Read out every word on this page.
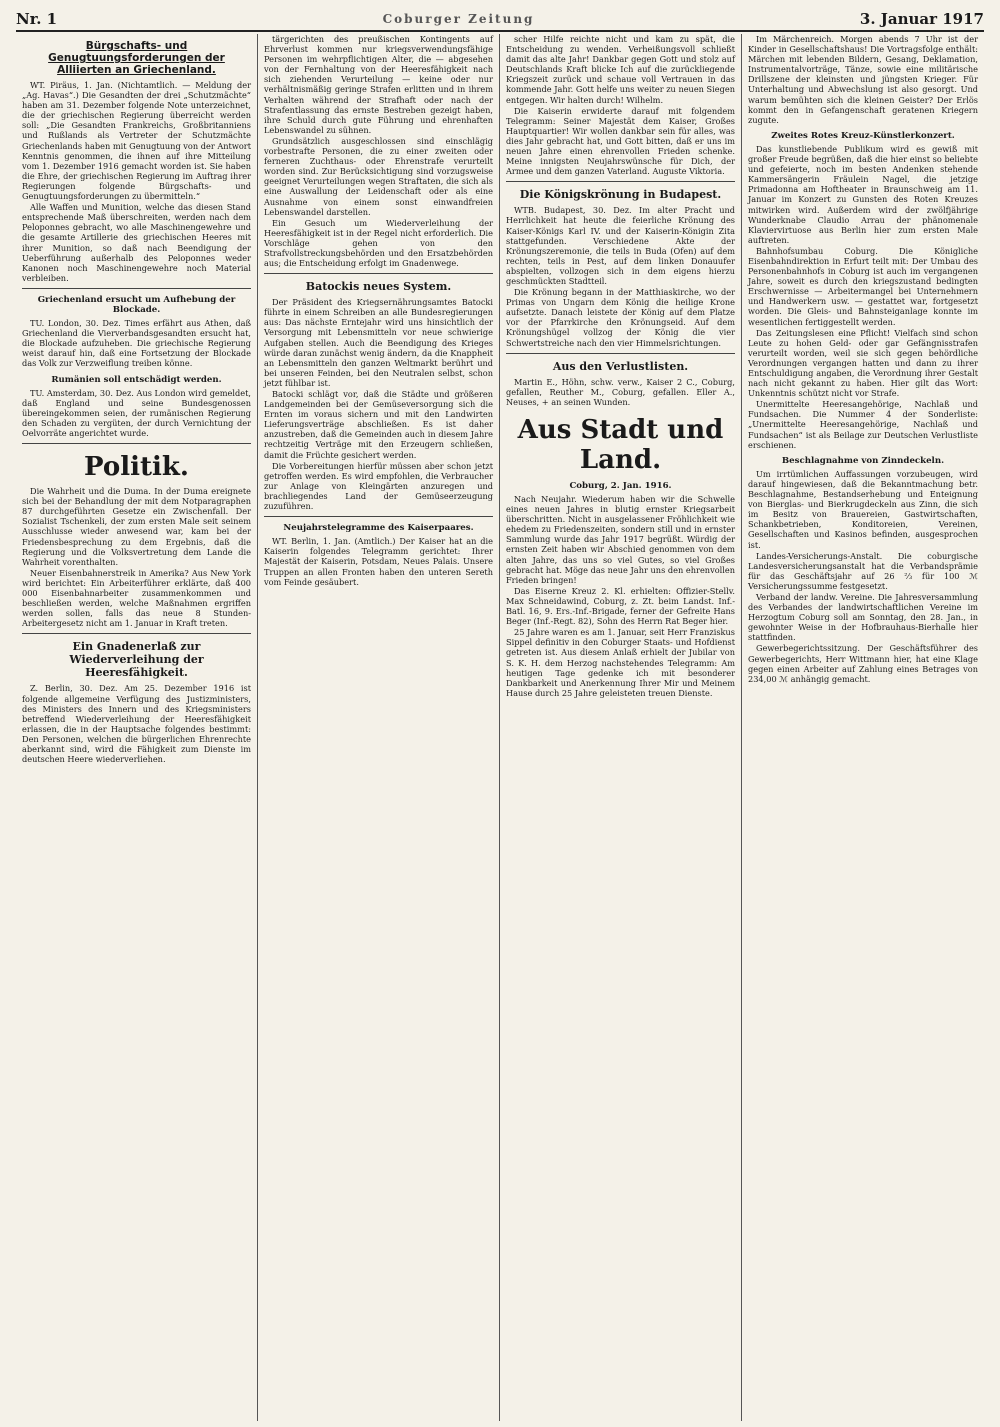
Nr. 1	Coburger Zeitung	3. Januar 1917
Bürgschafts- und Genugtuungsforderungen der Alliierten an Griechenland.

WT. Piräus, 1. Jan. (Nichtamtlich. — Meldung der „Ag. Havas“.) Die Gesandten der drei „Schutzmächte“ haben am 31. Dezember folgende Note unterzeichnet, die der griechischen Regierung überreicht werden soll: „Die Gesandten Frankreichs, Großbritanniens und Rußlands als Vertreter der Schutzmächte Griechenlands haben mit Genugtuung von der Antwort Kenntnis genommen, die ihnen auf ihre Mitteilung vom 1. Dezember 1916 gemacht worden ist. Sie haben die Ehre, der griechischen Regierung im Auftrag ihrer Regierungen folgende Bürgschafts- und Genugtuungsforderungen zu übermitteln.“

Alle Waffen und Munition, welche das diesen Stand entsprechende Maß überschreiten, werden nach dem Peloponnes gebracht, wo alle Maschinengewehre und die gesamte Artillerie des griechischen Heeres mit ihrer Munition, so daß nach Beendigung der Ueberführung außerhalb des Peloponnes weder Kanonen noch Maschinengewehre noch Material verbleiben.

Griechenland ersucht um Aufhebung der Blockade.

TU. London, 30. Dez. Times erfährt aus Athen, daß Griechenland die Vierverbandsgesandten ersucht hat, die Blockade aufzuheben. Die griechische Regierung weist darauf hin, daß eine Fortsetzung der Blockade das Volk zur Verzweiflung treiben könne.

Rumänien soll entschädigt werden.

TU. Amsterdam, 30. Dez. Aus London wird gemeldet, daß England und seine Bundesgenossen übereingekommen seien, der rumänischen Regierung den Schaden zu vergüten, der durch Vernichtung der Oelvorräte angerichtet wurde.

Politik.

Die Wahrheit und die Duma. In der Duma ereignete sich bei der Behandlung der mit dem Notparagraphen 87 durchgeführten Gesetze ein Zwischenfall. Der Sozialist Tschenkeli, der zum ersten Male seit seinem Ausschlusse wieder anwesend war, kam bei der Friedensbesprechung zu dem Ergebnis, daß die Regierung und die Volksvertretung dem Lande die Wahrheit vorenthalten.

Neuer Eisenbahnerstreik in Amerika? Aus New York wird berichtet: Ein Arbeiterführer erklärte, daß 400 000 Eisenbahnarbeiter zusammenkommen und beschließen werden, welche Maßnahmen ergriffen werden sollen, falls das neue 8 Stunden-Arbeitergesetz nicht am 1. Januar in Kraft treten.

Ein Gnadenerlaß zur Wiederverleihung der Heeresfähigkeit.

Z. Berlin, 30. Dez. Am 25. Dezember 1916 ist folgende allgemeine Verfügung des Justizministers, des Ministers des Innern und des Kriegsministers betreffend Wiederverleihung der Heeresfähigkeit erlassen, die in der Hauptsache folgendes bestimmt: Den Personen, welchen die bürgerlichen Ehrenrechte aberkannt sind, wird die Fähigkeit zum Dienste im deutschen Heere wiederverliehen.

tärgerichten des preußischen Kontingents auf Ehrverlust kommen nur kriegsverwendungsfähige Personen im wehrpflichtigen Alter, die — abgesehen von der Fernhaltung von der Heeresfähigkeit nach sich ziehenden Verurteilung — keine oder nur verhältnismäßig geringe Strafen erlitten und in ihrem Verhalten während der Strafhaft oder nach der Strafentlassung das ernste Bestreben gezeigt haben, ihre Schuld durch gute Führung und ehrenhaften Lebenswandel zu sühnen.

Grundsätzlich ausgeschlossen sind einschlägig vorbestrafte Personen, die zu einer zweiten oder ferneren Zuchthaus- oder Ehrenstrafe verurteilt worden sind. Zur Berücksichtigung sind vorzugsweise geeignet Verurteilungen wegen Straftaten, die sich als eine Auswallung der Leidenschaft oder als eine Ausnahme von einem sonst einwandfreien Lebenswandel darstellen.

Ein Gesuch um Wiederverleihung der Heeresfähigkeit ist in der Regel nicht erforderlich. Die Vorschläge gehen von den Strafvollstreckungsbehörden und den Ersatzbehörden aus; die Entscheidung erfolgt im Gnadenwege.

Batockis neues System.

Der Präsident des Kriegsernährungsamtes Batocki führte in einem Schreiben an alle Bundesregierungen aus: Das nächste Erntejahr wird uns hinsichtlich der Versorgung mit Lebensmitteln vor neue schwierige Aufgaben stellen. Auch die Beendigung des Krieges würde daran zunächst wenig ändern, da die Knappheit an Lebensmitteln den ganzen Weltmarkt berührt und bei unseren Feinden, bei den Neutralen selbst, schon jetzt fühlbar ist.

Batocki schlägt vor, daß die Städte und größeren Landgemeinden bei der Gemüseversorgung sich die Ernten im voraus sichern und mit den Landwirten Lieferungsverträge abschließen. Es ist daher anzustreben, daß die Gemeinden auch in diesem Jahre rechtzeitig Verträge mit den Erzeugern schließen, damit die Früchte gesichert werden.

Die Vorbereitungen hierfür müssen aber schon jetzt getroffen werden. Es wird empfohlen, die Verbraucher zur Anlage von Kleingärten anzuregen und brachliegendes Land der Gemüseerzeugung zuzuführen.

Neujahrstelegramme des Kaiserpaares.

WT. Berlin, 1. Jan. (Amtlich.) Der Kaiser hat an die Kaiserin folgendes Telegramm gerichtet: Ihrer Majestät der Kaiserin, Potsdam, Neues Palais. Unsere Truppen an allen Fronten haben den unteren Sereth vom Feinde gesäubert.

scher Hilfe reichte nicht und kam zu spät, die Entscheidung zu wenden. Verheißungsvoll schließt damit das alte Jahr! Dankbar gegen Gott und stolz auf Deutschlands Kraft blicke Ich auf die zurückliegende Kriegszeit zurück und schaue voll Vertrauen in das kommende Jahr. Gott helfe uns weiter zu neuen Siegen entgegen. Wir halten durch! Wilhelm.

Die Kaiserin erwiderte darauf mit folgendem Telegramm: Seiner Majestät dem Kaiser, Großes Hauptquartier! Wir wollen dankbar sein für alles, was dies Jahr gebracht hat, und Gott bitten, daß er uns im neuen Jahre einen ehrenvollen Frieden schenke. Meine innigsten Neujahrswünsche für Dich, der Armee und dem ganzen Vaterland. Auguste Viktoria.

Die Königskrönung in Budapest.

WTB. Budapest, 30. Dez. Im alter Pracht und Herrlichkeit hat heute die feierliche Krönung des Kaiser-Königs Karl IV. und der Kaiserin-Königin Zita stattgefunden. Verschiedene Akte der Krönungszeremonie, die teils in Buda (Ofen) auf dem rechten, teils in Pest, auf dem linken Donauufer abspielten, vollzogen sich in dem eigens hierzu geschmückten Stadtteil.

Die Krönung begann in der Matthiaskirche, wo der Primas von Ungarn dem König die heilige Krone aufsetzte. Danach leistete der König auf dem Platze vor der Pfarrkirche den Krönungseid. Auf dem Krönungshügel vollzog der König die vier Schwertstreiche nach den vier Himmelsrichtungen.

Aus den Verlustlisten.

Martin E., Höhn, schw. verw., Kaiser 2 C., Coburg, gefallen, Reuther M., Coburg, gefallen. Eller A., Neuses, + an seinen Wunden.

Aus Stadt und Land.
Coburg, 2. Jan. 1916.

Nach Neujahr. Wiederum haben wir die Schwelle eines neuen Jahres in blutig ernster Kriegsarbeit überschritten. Nicht in ausgelassener Fröhlichkeit wie ehedem zu Friedenszeiten, sondern still und in ernster Sammlung wurde das Jahr 1917 begrüßt. Würdig der ernsten Zeit haben wir Abschied genommen von dem alten Jahre, das uns so viel Gutes, so viel Großes gebracht hat. Möge das neue Jahr uns den ehrenvollen Frieden bringen!

Das Eiserne Kreuz 2. Kl. erhielten: Offizier-Stellv. Max Schneidawind, Coburg, z. Zt. beim Landst. Inf.-Batl. 16, 9. Ers.-Inf.-Brigade, ferner der Gefreite Hans Beger (Inf.-Regt. 82), Sohn des Herrn Rat Beger hier.

25 Jahre waren es am 1. Januar, seit Herr Franziskus Sippel definitiv in den Coburger Staats- und Hofdienst getreten ist. Aus diesem Anlaß erhielt der Jubilar von S. K. H. dem Herzog nachstehendes Telegramm: Am heutigen Tage gedenke ich mit besonderer Dankbarkeit und Anerkennung Ihrer Mir und Meinem Hause durch 25 Jahre geleisteten treuen Dienste.

Im Märchenreich. Morgen abends 7 Uhr ist der Kinder in Gesellschaftshaus! Die Vortragsfolge enthält: Märchen mit lebenden Bildern, Gesang, Deklamation, Instrumentalvorträge, Tänze, sowie eine militärische Drillszene der kleinsten und jüngsten Krieger. Für Unterhaltung und Abwechslung ist also gesorgt. Und warum bemühten sich die kleinen Geister? Der Erlös kommt den in Gefangenschaft geratenen Kriegern zugute.

Zweites Rotes Kreuz-Künstlerkonzert.

Das kunstliebende Publikum wird es gewiß mit großer Freude begrüßen, daß die hier einst so beliebte und gefeierte, noch im besten Andenken stehende Kammersängerin Fräulein Nagel, die jetzige Primadonna am Hoftheater in Braunschweig am 11. Januar im Konzert zu Gunsten des Roten Kreuzes mitwirken wird. Außerdem wird der zwölfjährige Wunderknabe Claudio Arrau der phänomenale Klaviervirtuose aus Berlin hier zum ersten Male auftreten.

Bahnhofsumbau Coburg. Die Königliche Eisenbahndirektion in Erfurt teilt mit: Der Umbau des Personenbahnhofs in Coburg ist auch im vergangenen Jahre, soweit es durch den kriegszustand bedingten Erschwernisse — Arbeitermangel bei Unternehmern und Handwerkern usw. — gestattet war, fortgesetzt worden. Die Gleis- und Bahnsteiganlage konnte im wesentlichen fertiggestellt werden.

Das Zeitungslesen eine Pflicht! Vielfach sind schon Leute zu hohen Geld- oder gar Gefängnisstrafen verurteilt worden, weil sie sich gegen behördliche Verordnungen vergangen hatten und dann zu ihrer Entschuldigung angaben, die Verordnung ihrer Gestalt nach nicht gekannt zu haben. Hier gilt das Wort: Unkenntnis schützt nicht vor Strafe.

Unermittelte Heeresangehörige, Nachlaß und Fundsachen. Die Nummer 4 der Sonderliste: „Unermittelte Heeresangehörige, Nachlaß und Fundsachen“ ist als Beilage zur Deutschen Verlustliste erschienen.

Beschlagnahme von Zinndeckeln.

Um irrtümlichen Auffassungen vorzubeugen, wird darauf hingewiesen, daß die Bekanntmachung betr. Beschlagnahme, Bestandserhebung und Enteignung von Bierglas- und Bierkrugdeckeln aus Zinn, die sich im Besitz von Brauereien, Gastwirtschaften, Schankbetrieben, Konditoreien, Vereinen, Gesellschaften und Kasinos befinden, ausgesprochen ist.

Landes-Versicherungs-Anstalt. Die coburgische Landesversicherungsanstalt hat die Verbandsprämie für das Geschäftsjahr auf 26 ⅔ für 100 ℳ Versicherungssumme festgesetzt.

Verband der landw. Vereine. Die Jahresversammlung des Verbandes der landwirtschaftlichen Vereine im Herzogtum Coburg soll am Sonntag, den 28. Jan., in gewohnter Weise in der Hofbrauhaus-Bierhalle hier stattfinden.

Gewerbegerichtssitzung. Der Geschäftsführer des Gewerbegerichts, Herr Wittmann hier, hat eine Klage gegen einen Arbeiter auf Zahlung eines Betrages von 234,00 ℳ anhängig gemacht.
